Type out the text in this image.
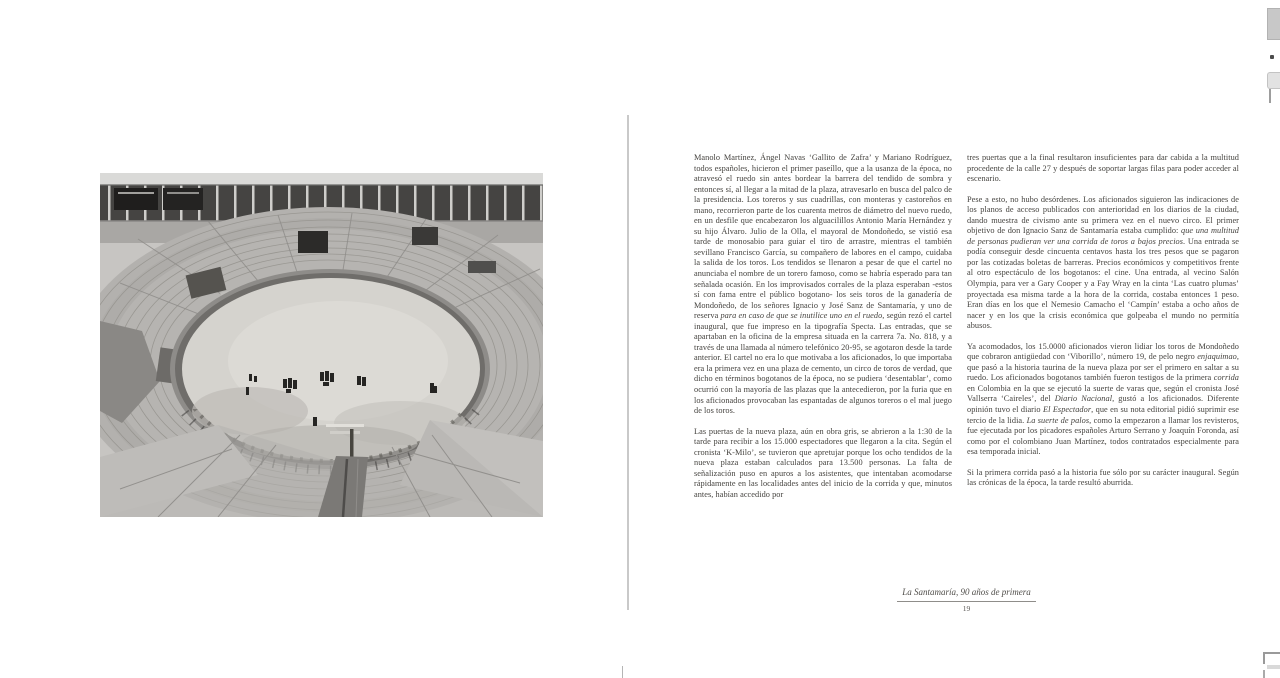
Manolo Martínez, Ángel Navas ‘Gallito de Zafra’ y Mariano Rodríguez, todos españoles, hicieron el primer paseíllo, que a la usanza de la época, no atravesó el ruedo sin antes bordear la barrera del tendido de sombra y entonces sí, al llegar a la mitad de la plaza, atravesarlo en busca del palco de la presidencia. Los toreros y sus cuadrillas, con monteras y castoreños en mano, recorrieron parte de los cuarenta metros de diámetro del nuevo ruedo, en un desfile que encabezaron los alguacilillos Antonio María Hernández y su hijo Álvaro. Julio de la Olla, el mayoral de Mondoñedo, se vistió esa tarde de monosabio para guiar el tiro de arrastre, mientras el también sevillano Francisco García, su compañero de labores en el campo, cuidaba la salida de los toros. Los tendidos se llenaron a pesar de que el cartel no anunciaba el nombre de un torero famoso, como se habría esperado para tan señalada ocasión. En los improvisados corrales de la plaza esperaban -estos sí con fama entre el público bogotano- los seis toros de la ganadería de Mondoñedo, de los señores Ignacio y José Sanz de Santamaría, y uno de reserva para en caso de que se inutilice uno en el ruedo, según rezó el cartel inaugural, que fue impreso en la tipografía Specta. Las entradas, que se apartaban en la oficina de la empresa situada en la carrera 7a. No. 818, y a través de una llamada al número telefónico 20-95, se agotaron desde la tarde anterior. El cartel no era lo que motivaba a los aficionados, lo que importaba era la primera vez en una plaza de cemento, un circo de toros de verdad, que dicho en términos bogotanos de la época, no se pudiera ‘desentablar’, como ocurrió con la mayoría de las plazas que la antecedieron, por la furia que en los aficionados provocaban las espantadas de algunos toreros o el mal juego de los toros.

Las puertas de la nueva plaza, aún en obra gris, se abrieron a la 1:30 de la tarde para recibir a los 15.000 espectadores que llegaron a la cita. Según el cronista ‘K-Milo’, se tuvieron que apretujar porque los ocho tendidos de la nueva plaza estaban calculados para 13.500 personas. La falta de señalización puso en apuros a los asistentes, que intentaban acomodarse rápidamente en las localidades antes del inicio de la corrida y que, minutos antes, habían accedido por

tres puertas que a la final resultaron insuficientes para dar cabida a la multitud procedente de la calle 27 y después de soportar largas filas para poder acceder al escenario.

Pese a esto, no hubo desórdenes. Los aficionados siguieron las indicaciones de los planos de acceso publicados con anterioridad en los diarios de la ciudad, dando muestra de civismo ante su primera vez en el nuevo circo. El primer objetivo de don Ignacio Sanz de Santamaría estaba cumplido: que una multitud de personas pudieran ver una corrida de toros a bajos precios. Una entrada se podía conseguir desde cincuenta centavos hasta los tres pesos que se pagaron por las cotizadas boletas de barreras. Precios económicos y competitivos frente al otro espectáculo de los bogotanos: el cine. Una entrada, al vecino Salón Olympia, para ver a Gary Cooper y a Fay Wray en la cinta ‘Las cuatro plumas’ proyectada esa misma tarde a la hora de la corrida, costaba entonces 1 peso. Eran días en los que el Nemesio Camacho el ‘Campín’ estaba a ocho años de nacer y en los que la crisis económica que golpeaba el mundo no permitía abusos.

Ya acomodados, los 15.0000 aficionados vieron lidiar los toros de Mondoñedo que cobraron antigüedad con ‘Viborillo’, número 19, de pelo negro enjaquimao, que pasó a la historia taurina de la nueva plaza por ser el primero en saltar a su ruedo. Los aficionados bogotanos también fueron testigos de la primera corrida en Colombia en la que se ejecutó la suerte de varas que, según el cronista José Vallserra ‘Caireles’, del Diario Nacional, gustó a los aficionados. Diferente opinión tuvo el diario El Espectador, que en su nota editorial pidió suprimir ese tercio de la lidia. La suerte de palos, como la empezaron a llamar los revisteros, fue ejecutada por los picadores españoles Arturo Serrano y Joaquín Foronda, así como por el colombiano Juan Martínez, todos contratados especialmente para esa temporada inicial.

Si la primera corrida pasó a la historia fue sólo por su carácter inaugural. Según las crónicas de la época, la tarde resultó aburrida.

La Santamaría, 90 años de primera
19
